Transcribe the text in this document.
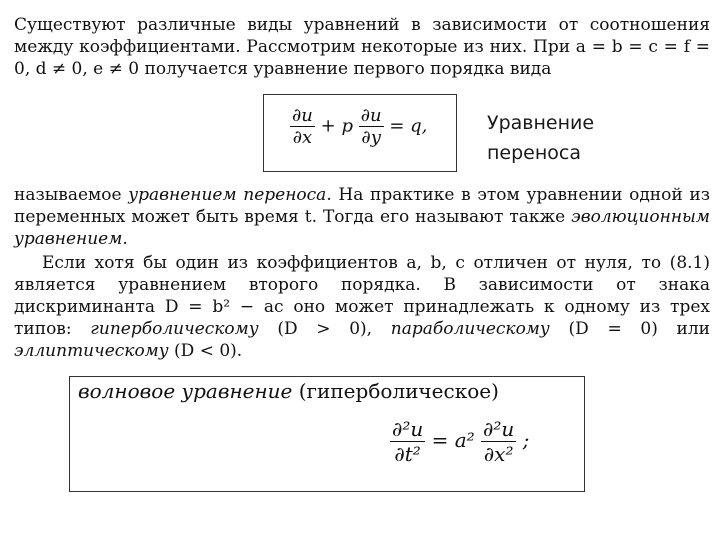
Существуют различные виды уравнений в зависимости от соотношения между коэффициентами. Рассмотрим некоторые из них. При a = b = c = f = 0, d ≠ 0, e ≠ 0 получается уравнение первого порядка вида

$\frac{\partial u}{\partial x} + p \frac{\partial u}{\partial y} = q$,	Уравнение переноса

называемое уравнением переноса. На практике в этом уравнении одной из переменных может быть время t. Тогда его называют также эволюционным уравнением.

Если хотя бы один из коэффициентов a, b, c отличен от нуля, то (8.1) является уравнением второго порядка. В зависимости от знака дискриминанта D = b² − ac оно может принадлежать к одному из трех типов: гиперболическому (D > 0), параболическому (D = 0) или эллиптическому (D < 0).

волновое уравнение (гиперболическое)
$\frac{\text{∂²u}}{\text{∂t²}} = a^2 \frac{\text{∂²u}}{\text{∂x²}}$ ;
